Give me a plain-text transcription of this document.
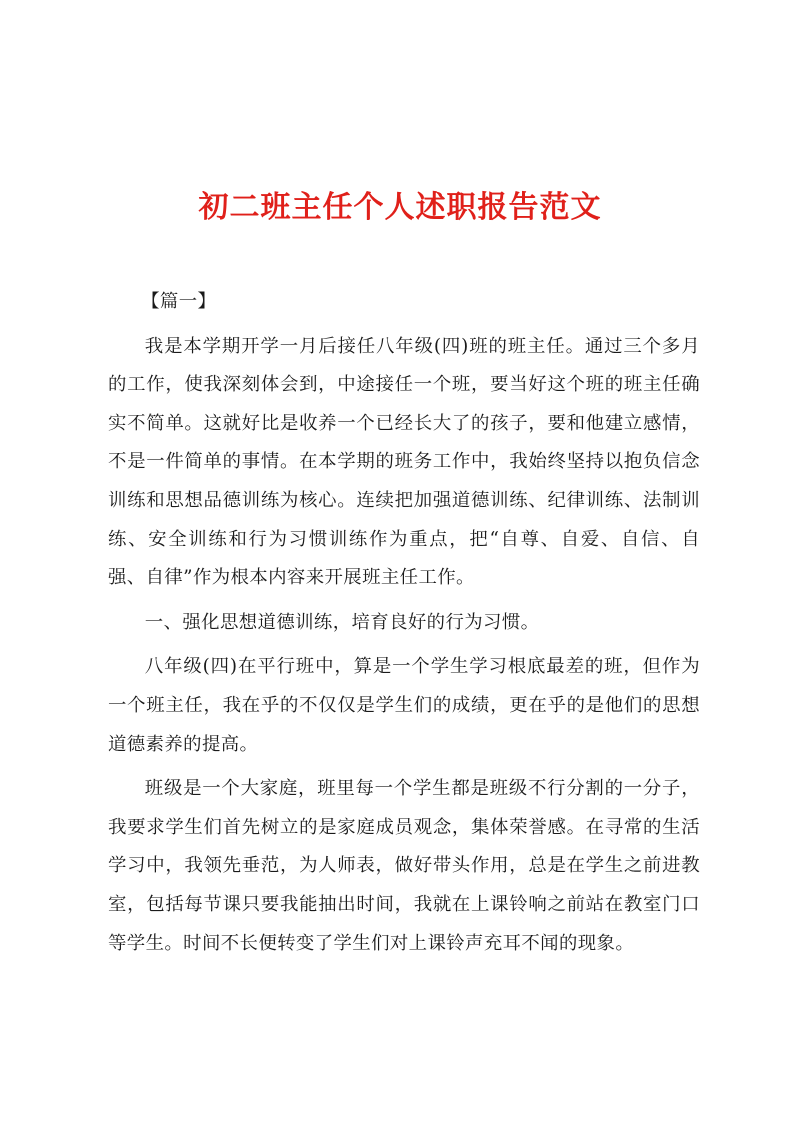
初二班主任个人述职报告范文

【篇一】

我是本学期开学一月后接任八年级(四)班的班主任。通过三个多月的工作，使我深刻体会到，中途接任一个班，要当好这个班的班主任确实不简单。这就好比是收养一个已经长大了的孩子，要和他建立感情，不是一件简单的事情。在本学期的班务工作中，我始终坚持以抱负信念训练和思想品德训练为核心。连续把加强道德训练、纪律训练、法制训练、安全训练和行为习惯训练作为重点，把“自尊、自爱、自信、自强、自律”作为根本内容来开展班主任工作。

一、强化思想道德训练，培育良好的行为习惯。

八年级(四)在平行班中，算是一个学生学习根底最差的班，但作为一个班主任，我在乎的不仅仅是学生们的成绩，更在乎的是他们的思想道德素养的提高。

班级是一个大家庭，班里每一个学生都是班级不行分割的一分子，我要求学生们首先树立的是家庭成员观念，集体荣誉感。在寻常的生活学习中，我领先垂范，为人师表，做好带头作用，总是在学生之前进教室，包括每节课只要我能抽出时间，我就在上课铃响之前站在教室门口等学生。时间不长便转变了学生们对上课铃声充耳不闻的现象。
